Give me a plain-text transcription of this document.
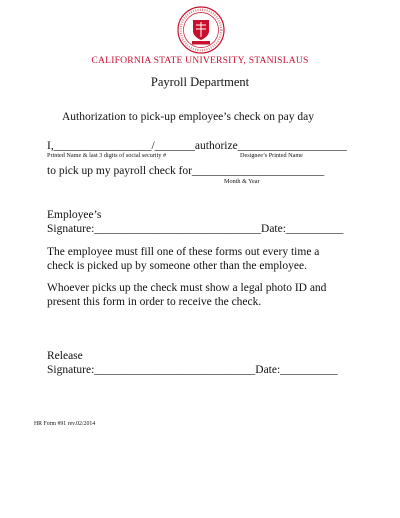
CALIFORNIA STATE UNIVERSITY, STANISLAUS
Payroll Department
Authorization to pick-up employee’s check on pay day
I,_________________/_______authorize___________________
Printed Name & last 3 digits of social security #	Designee’s Printed Name
to pick up my payroll check for_______________________
Month & Year
Employee’s
Signature:_____________________________Date:__________
The employee must fill one of these forms out every time a check is picked up by someone other than the employee.
Whoever picks up the check must show a legal photo ID and present this form in order to receive the check.
Release
Signature:____________________________Date:__________
HR Form #91 rev.02/2014
